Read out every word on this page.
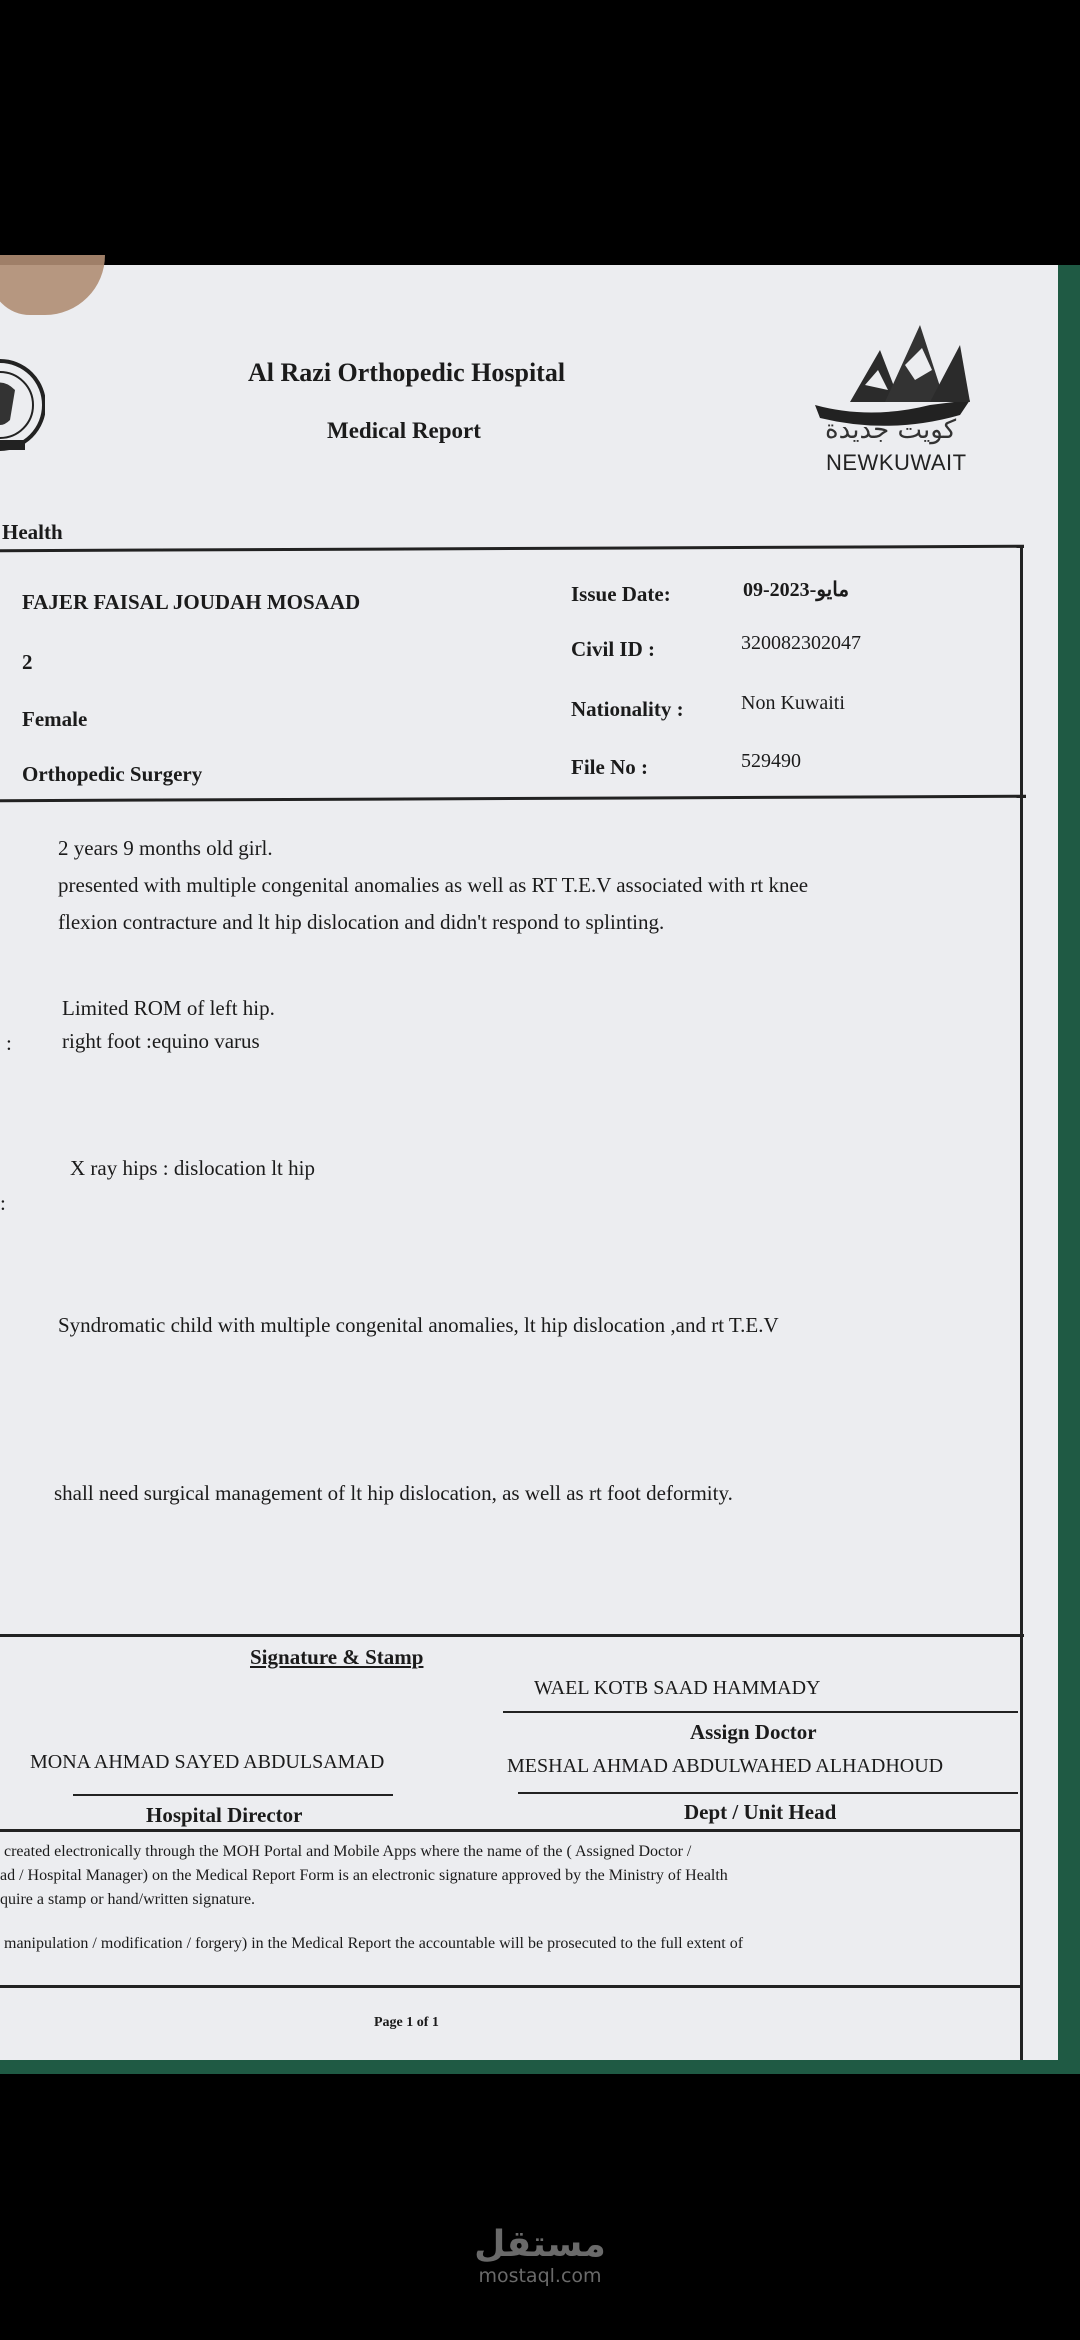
كويت جديدة
NEWKUWAIT
Al Razi Orthopedic Hospital
Medical Report
Health
FAJER FAISAL JOUDAH MOSAAD
2
Female
Orthopedic Surgery
Issue Date:	09-2023-مايو
Civil ID :	320082302047
Nationality :	Non Kuwaiti
File No :	529490
2 years 9 months old girl.
presented with multiple congenital anomalies as well as RT T.E.V associated with rt knee
flexion contracture and lt hip dislocation and didn't respond to splinting.
Limited ROM of left hip.
right foot :equino varus
:
X ray hips : dislocation lt hip
:
Syndromatic child with multiple congenital anomalies, lt hip dislocation ,and rt T.E.V
shall need surgical management of lt hip dislocation, as well as rt foot deformity.
Signature & Stamp
WAEL KOTB SAAD HAMMADY
Assign Doctor
MONA AHMAD SAYED ABDULSAMAD
Hospital Director
MESHAL AHMAD ABDULWAHED ALHADHOUD
Dept / Unit Head
created electronically through the MOH Portal and Mobile Apps where the name of the ( Assigned Doctor /
ad / Hospital Manager) on the Medical Report Form is an electronic signature approved by the Ministry of Health
quire a stamp or hand/written signature.
manipulation / modification / forgery) in the Medical Report the accountable will be prosecuted to the full extent of
Page 1 of 1
مستقل
mostaql.com
